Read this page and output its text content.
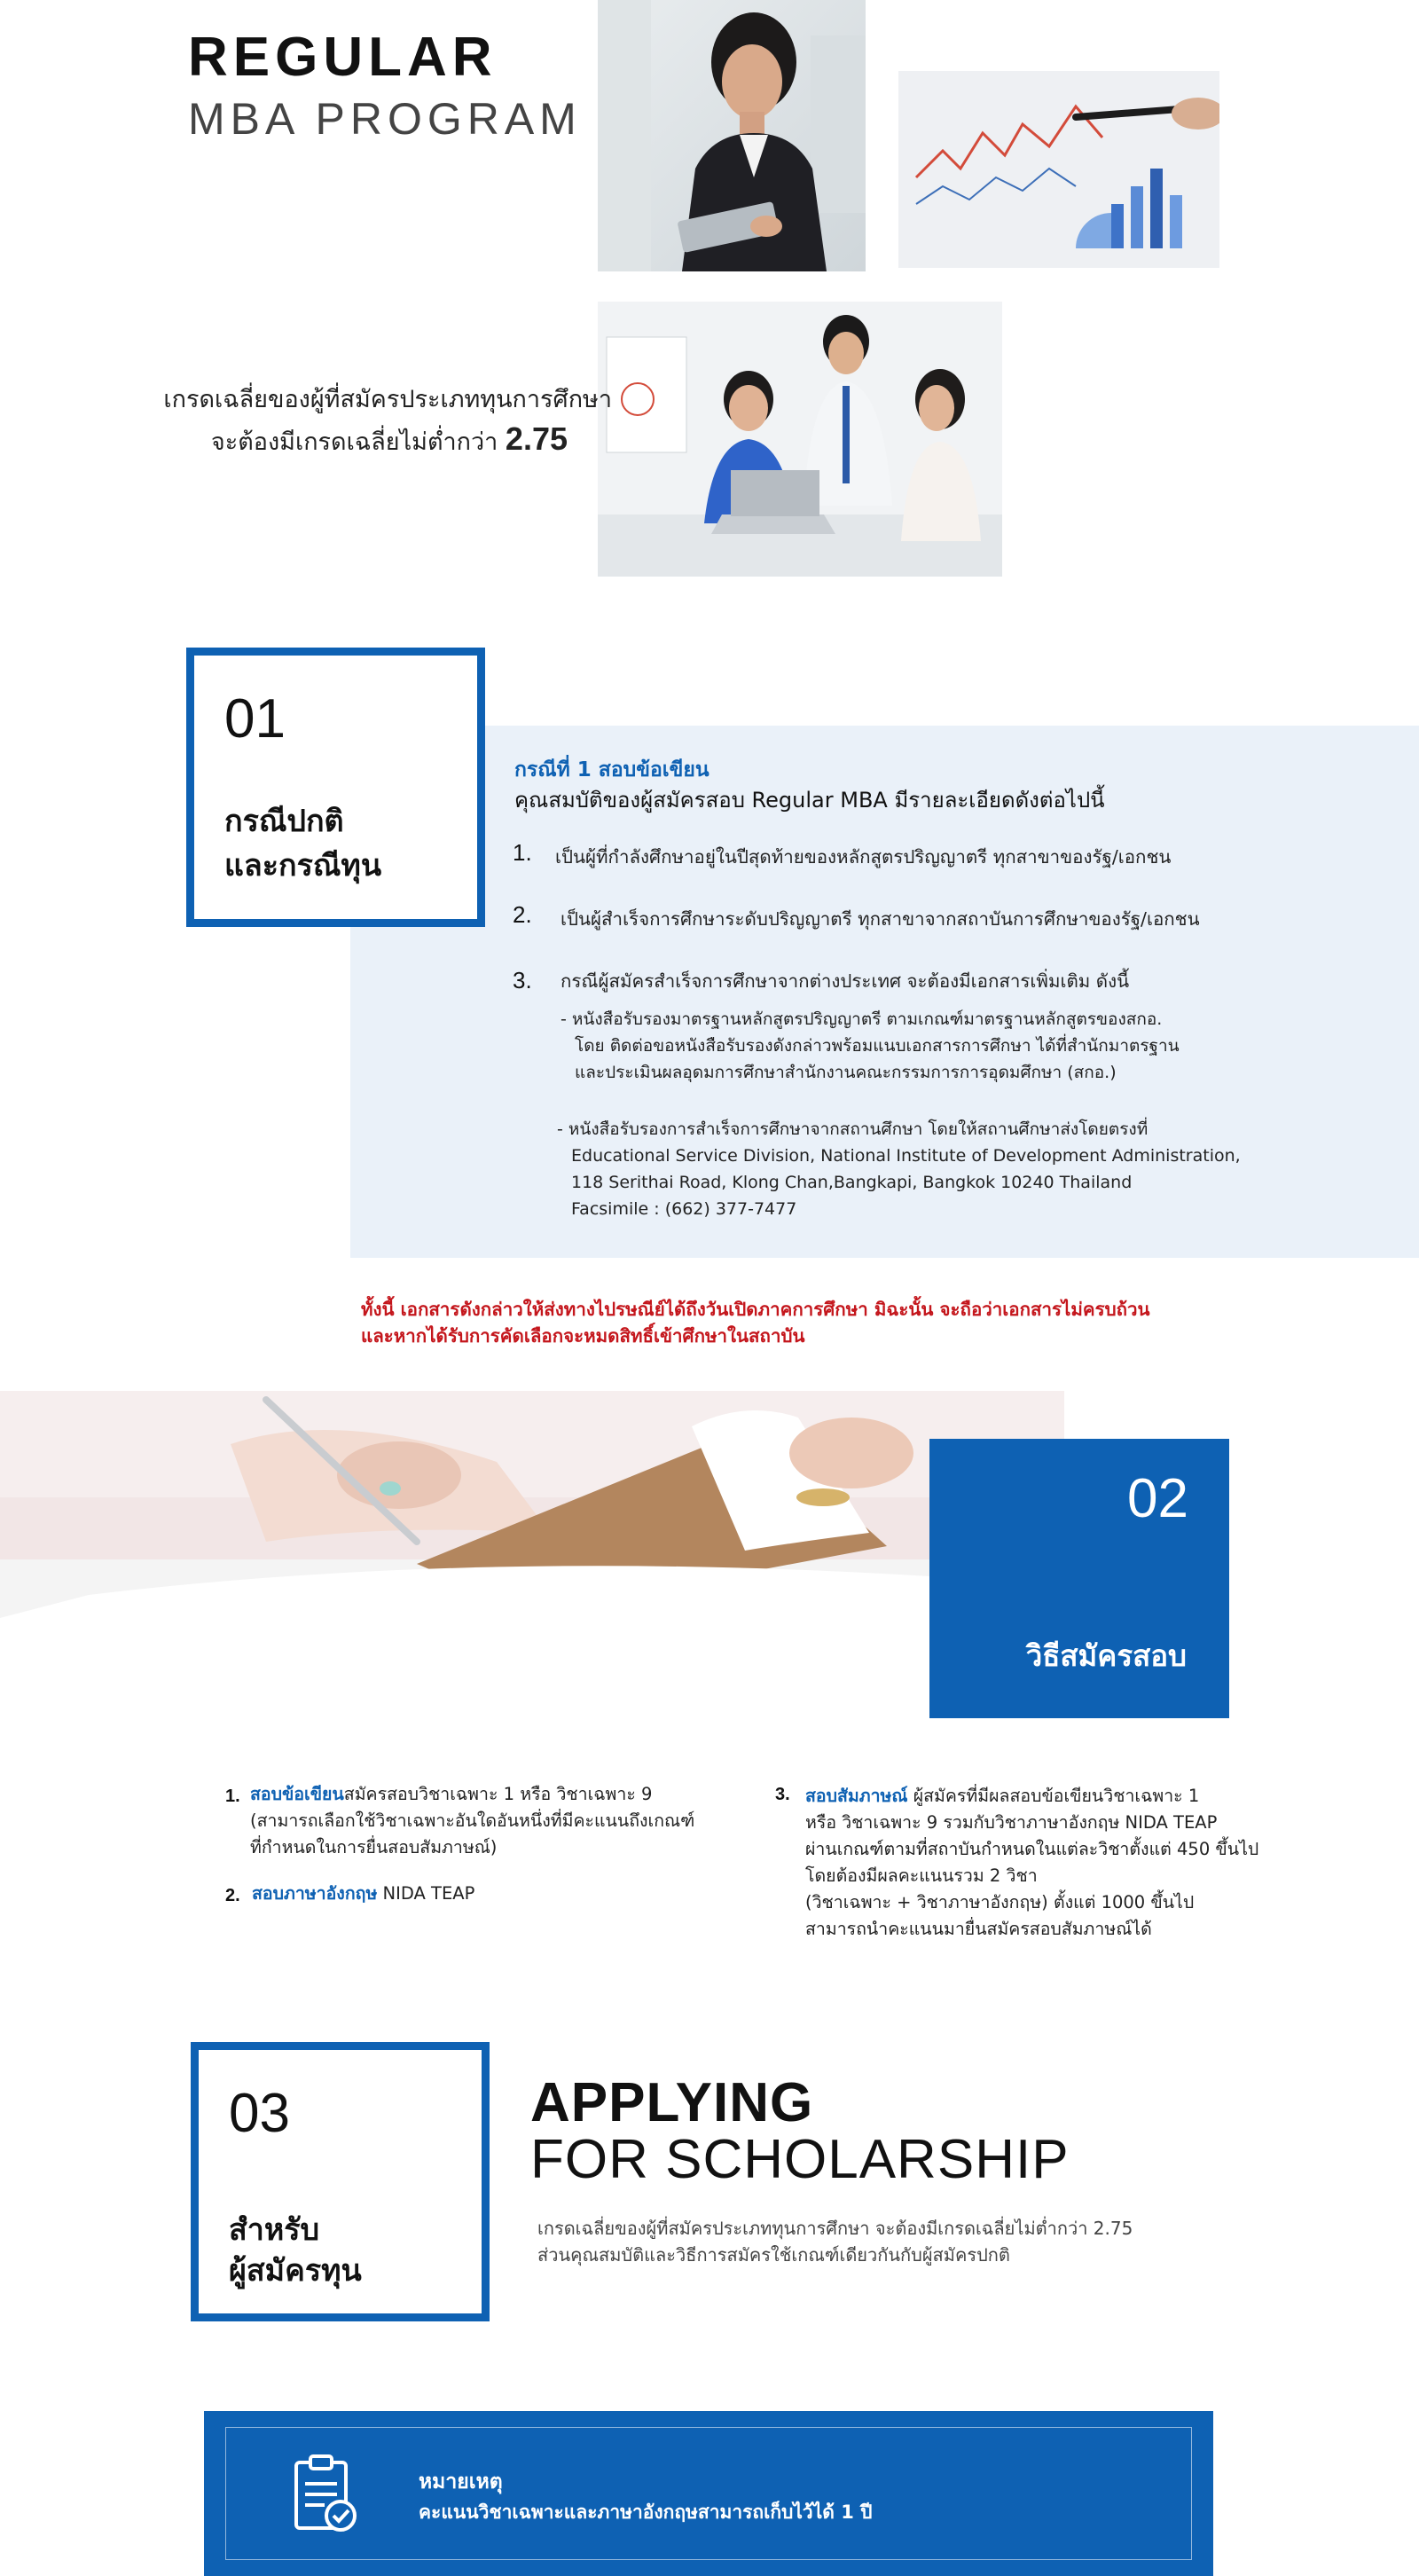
REGULAR
MBA PROGRAM
เกรดเฉลี่ยของผู้ที่สมัครประเภททุนการศึกษา
จะต้องมีเกรดเฉลี่ยไม่ต่ำกว่า 2.75
01
กรณีปกติ
และกรณีทุน
กรณีที่ 1 สอบข้อเขียน
คุณสมบัติของผู้สมัครสอบ Regular MBA มีรายละเอียดดังต่อไปนี้
1. เป็นผู้ที่กำลังศึกษาอยู่ในปีสุดท้ายของหลักสูตรปริญญาตรี ทุกสาขาของรัฐ/เอกชน
2. เป็นผู้สำเร็จการศึกษาระดับปริญญาตรี ทุกสาขาจากสถาบันการศึกษาของรัฐ/เอกชน
3. กรณีผู้สมัครสำเร็จการศึกษาจากต่างประเทศ จะต้องมีเอกสารเพิ่มเติม ดังนี้
- หนังสือรับรองมาตรฐานหลักสูตรปริญญาตรี ตามเกณฑ์มาตรฐานหลักสูตรของสกอ.
โดย ติดต่อขอหนังสือรับรองดังกล่าวพร้อมแนบเอกสารการศึกษา ได้ที่สำนักมาตรฐาน
และประเมินผลอุดมการศึกษาสำนักงานคณะกรรมการการอุดมศึกษา (สกอ.)
- หนังสือรับรองการสำเร็จการศึกษาจากสถานศึกษา โดยให้สถานศึกษาส่งโดยตรงที่
Educational Service Division, National Institute of Development Administration,
118 Serithai Road, Klong Chan,Bangkapi, Bangkok 10240 Thailand
Facsimile : (662) 377-7477
ทั้งนี้ เอกสารดังกล่าวให้ส่งทางไปรษณีย์ได้ถึงวันเปิดภาคการศึกษา มิฉะนั้น จะถือว่าเอกสารไม่ครบถ้วน
และหากได้รับการคัดเลือกจะหมดสิทธิ์เข้าศึกษาในสถาบัน
02
วิธีสมัครสอบ
1. สอบข้อเขียนสมัครสอบวิชาเฉพาะ 1 หรือ วิชาเฉพาะ 9
(สามารถเลือกใช้วิชาเฉพาะอันใดอันหนึ่งที่มีคะแนนถึงเกณฑ์
ที่กำหนดในการยื่นสอบสัมภาษณ์)
2. สอบภาษาอังกฤษ NIDA TEAP
3. สอบสัมภาษณ์ ผู้สมัครที่มีผลสอบข้อเขียนวิชาเฉพาะ 1
หรือ วิชาเฉพาะ 9 รวมกับวิชาภาษาอังกฤษ NIDA TEAP
ผ่านเกณฑ์ตามที่สถาบันกำหนดในแต่ละวิชาตั้งแต่ 450 ขึ้นไป
โดยต้องมีผลคะแนนรวม 2 วิชา
(วิชาเฉพาะ + วิชาภาษาอังกฤษ) ตั้งแต่ 1000 ขึ้นไป
สามารถนำคะแนนมายื่นสมัครสอบสัมภาษณ์ได้
03
สำหรับ
ผู้สมัครทุน
APPLYING
FOR SCHOLARSHIP
เกรดเฉลี่ยของผู้ที่สมัครประเภททุนการศึกษา จะต้องมีเกรดเฉลี่ยไม่ต่ำกว่า 2.75
ส่วนคุณสมบัติและวิธีการสมัครใช้เกณฑ์เดียวกันกับผู้สมัครปกติ
หมายเหตุ
คะแนนวิชาเฉพาะและภาษาอังกฤษสามารถเก็บไว้ได้ 1 ปี
